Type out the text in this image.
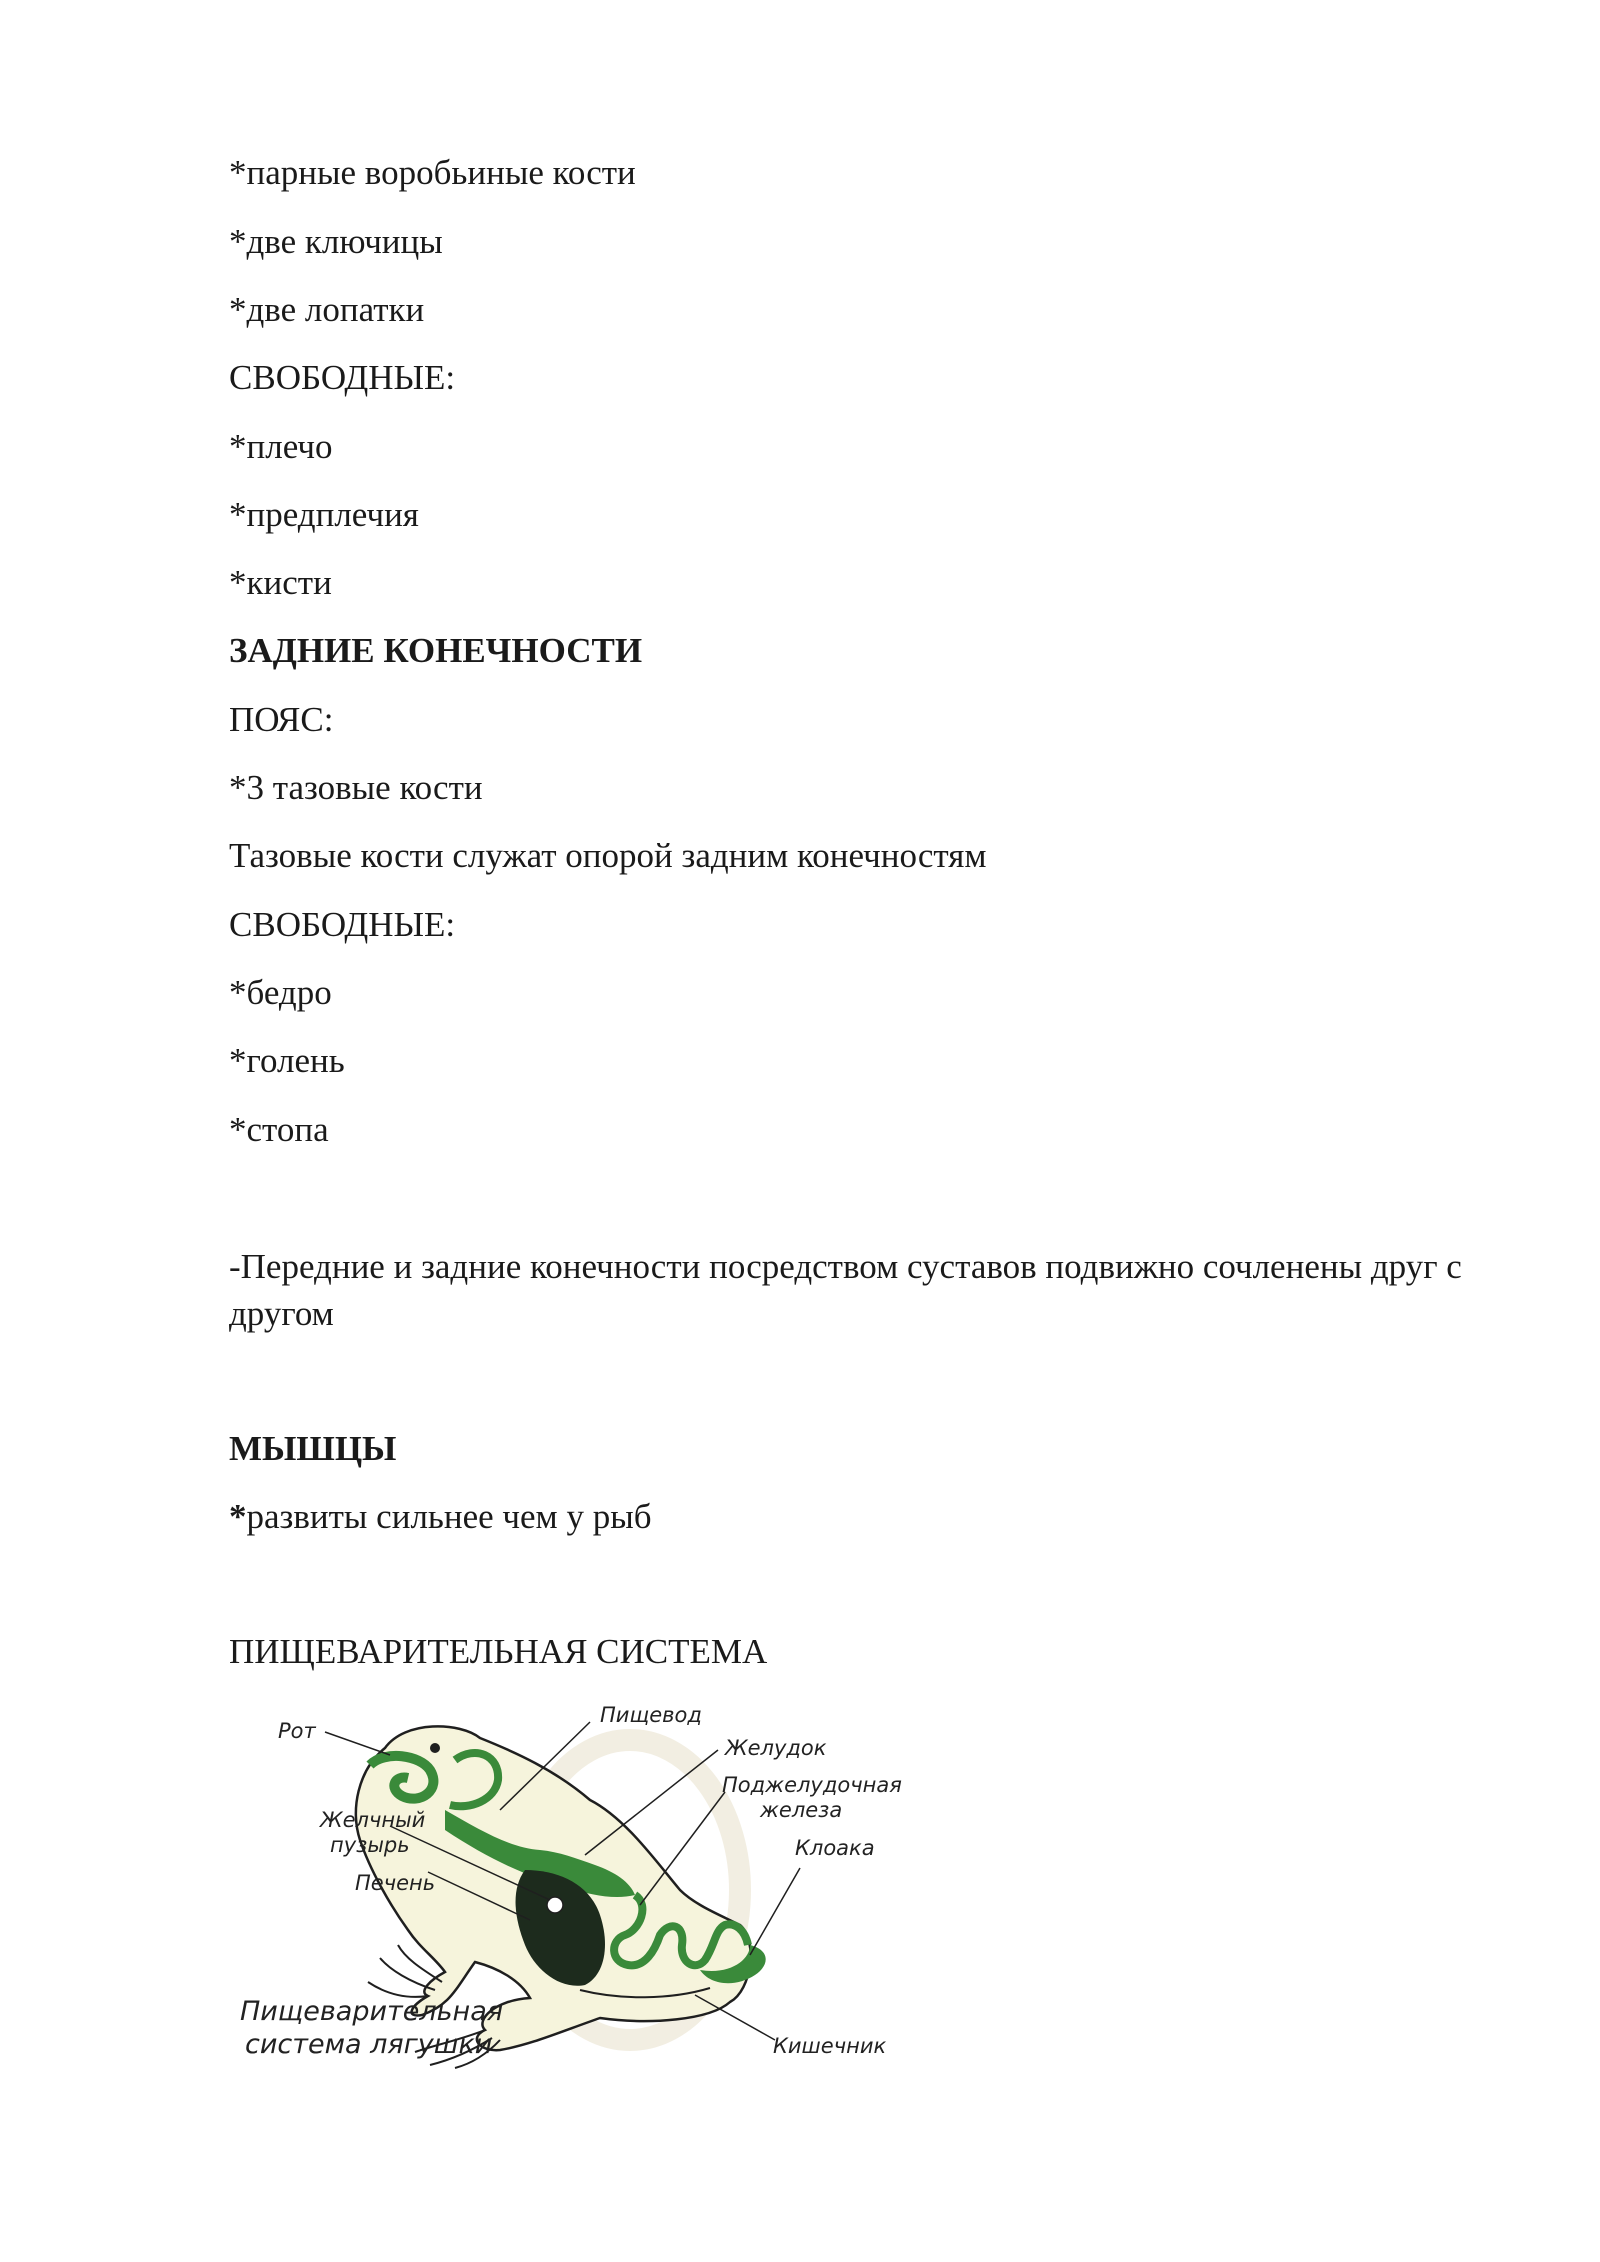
*парные воробьиные кости
*две ключицы
*две лопатки
СВОБОДНЫЕ:
*плечо
*предплечия
*кисти
ЗАДНИЕ КОНЕЧНОСТИ
ПОЯС:
*3 тазовые кости
Тазовые кости служат опорой задним конечностям
СВОБОДНЫЕ:
*бедро
*голень
*стопа
-Передние и задние конечности посредством суставов подвижно сочленены друг с другом
МЫШЦЫ
*развиты сильнее чем у рыб
ПИЩЕВАРИТЕЛЬНАЯ СИСТЕМА
Рот
Пищевод
Желудок
Поджелудочная
железа
Желчный
пузырь
Печень
Клоака
Кишечник
Пищеварительная
система лягушки
